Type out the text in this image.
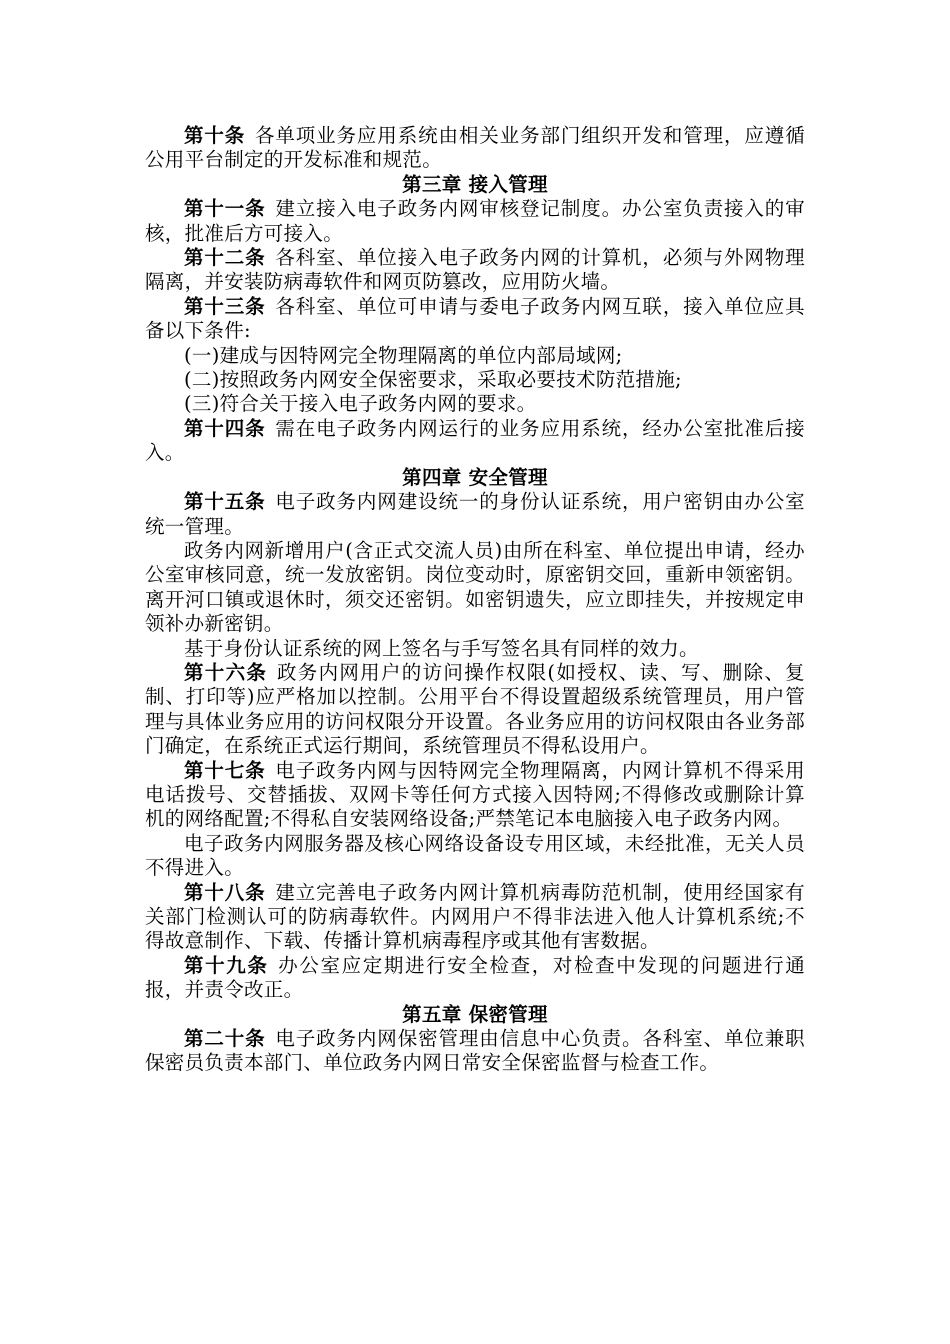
第十条 各单项业务应用系统由相关业务部门组织开发和管理，应遵循公用平台制定的开发标准和规范。

第三章 接入管理

第十一条 建立接入电子政务内网审核登记制度。办公室负责接入的审核，批准后方可接入。

第十二条 各科室、单位接入电子政务内网的计算机，必须与外网物理隔离，并安装防病毒软件和网页防篡改，应用防火墙。

第十三条 各科室、单位可申请与委电子政务内网互联，接入单位应具备以下条件:

(一)建成与因特网完全物理隔离的单位内部局域网;

(二)按照政务内网安全保密要求，采取必要技术防范措施;

(三)符合关于接入电子政务内网的要求。

第十四条 需在电子政务内网运行的业务应用系统，经办公室批准后接入。

第四章 安全管理

第十五条 电子政务内网建设统一的身份认证系统，用户密钥由办公室统一管理。

政务内网新增用户(含正式交流人员)由所在科室、单位提出申请，经办公室审核同意，统一发放密钥。岗位变动时，原密钥交回，重新申领密钥。离开河口镇或退休时，须交还密钥。如密钥遗失，应立即挂失，并按规定申领补办新密钥。

基于身份认证系统的网上签名与手写签名具有同样的效力。

第十六条 政务内网用户的访问操作权限(如授权、读、写、删除、复制、打印等)应严格加以控制。公用平台不得设置超级系统管理员，用户管理与具体业务应用的访问权限分开设置。各业务应用的访问权限由各业务部门确定，在系统正式运行期间，系统管理员不得私设用户。

第十七条 电子政务内网与因特网完全物理隔离，内网计算机不得采用电话拨号、交替插拔、双网卡等任何方式接入因特网;不得修改或删除计算机的网络配置;不得私自安装网络设备;严禁笔记本电脑接入电子政务内网。

电子政务内网服务器及核心网络设备设专用区域，未经批准，无关人员不得进入。

第十八条 建立完善电子政务内网计算机病毒防范机制，使用经国家有关部门检测认可的防病毒软件。内网用户不得非法进入他人计算机系统;不得故意制作、下载、传播计算机病毒程序或其他有害数据。

第十九条 办公室应定期进行安全检查，对检查中发现的问题进行通报，并责令改正。

第五章 保密管理

第二十条 电子政务内网保密管理由信息中心负责。各科室、单位兼职保密员负责本部门、单位政务内网日常安全保密监督与检查工作。
